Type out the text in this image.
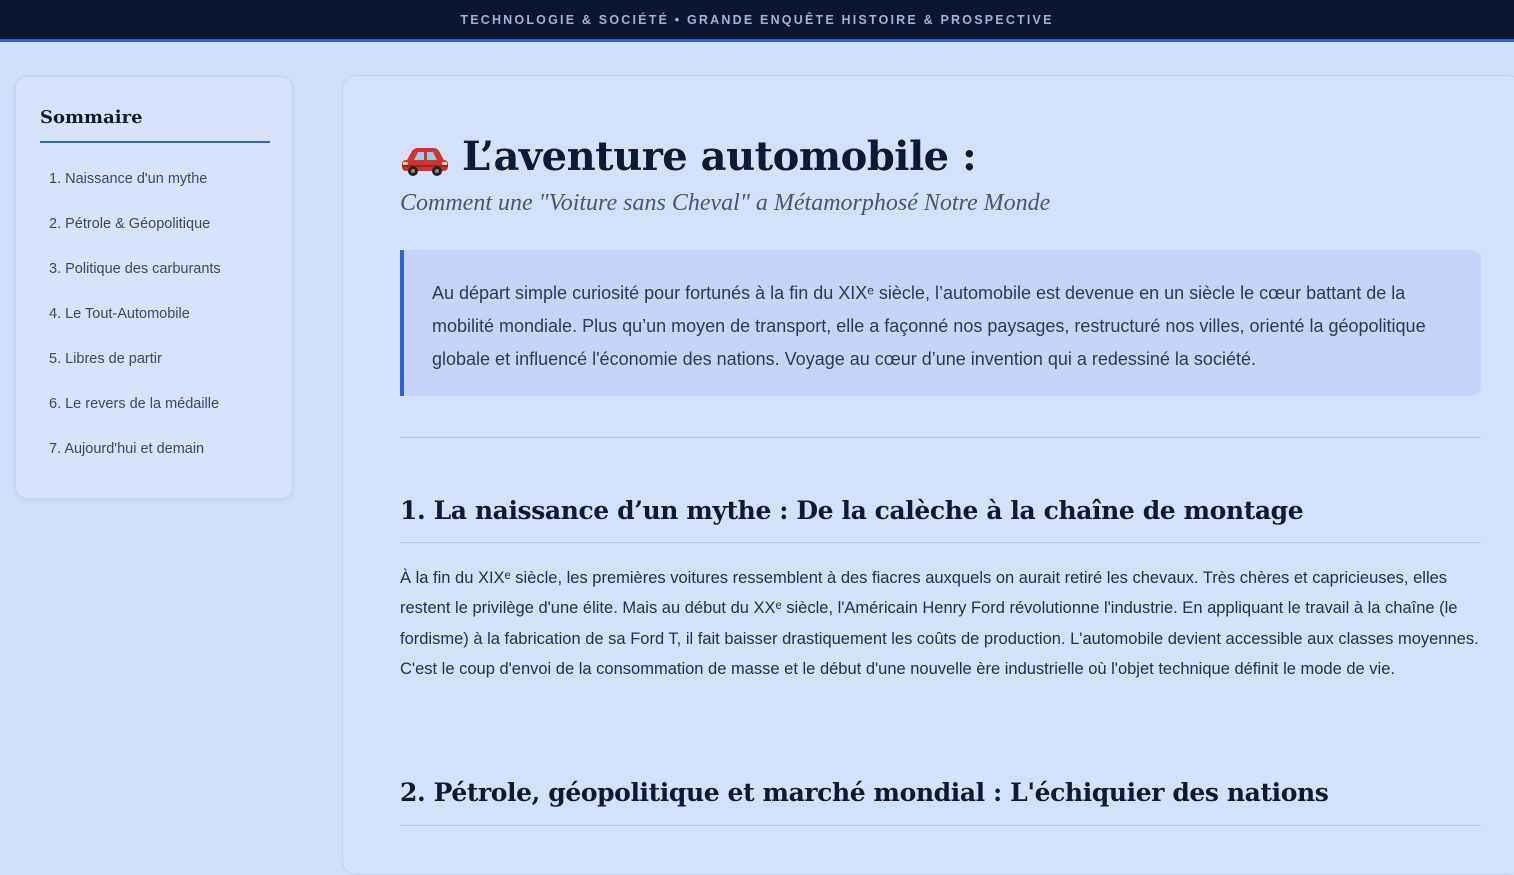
TECHNOLOGIE & SOCIÉTÉ • GRANDE ENQUÊTE HISTOIRE & PROSPECTIVE
Sommaire
1. Naissance d'un mythe
2. Pétrole & Géopolitique
3. Politique des carburants
4. Le Tout-Automobile
5. Libres de partir
6. Le revers de la médaille
7. Aujourd'hui et demain
L’aventure automobile :
Comment une "Voiture sans Cheval" a Métamorphosé Notre Monde
Au départ simple curiosité pour fortunés à la fin du XIXᵉ siècle, l’automobile est devenue en un siècle le cœur battant de la mobilité mondiale. Plus qu’un moyen de transport, elle a façonné nos paysages, restructuré nos villes, orienté la géopolitique globale et influencé l'économie des nations. Voyage au cœur d’une invention qui a redessiné la société.
1. La naissance d’un mythe : De la calèche à la chaîne de montage

À la fin du XIXᵉ siècle, les premières voitures ressemblent à des fiacres auxquels on aurait retiré les chevaux. Très chères et capricieuses, elles restent le privilège d'une élite. Mais au début du XXᵉ siècle, l'Américain Henry Ford révolutionne l'industrie. En appliquant le travail à la chaîne (le fordisme) à la fabrication de sa Ford T, il fait baisser drastiquement les coûts de production. L'automobile devient accessible aux classes moyennes. C'est le coup d'envoi de la consommation de masse et le début d'une nouvelle ère industrielle où l'objet technique définit le mode de vie.

2. Pétrole, géopolitique et marché mondial : L'échiquier des nations
